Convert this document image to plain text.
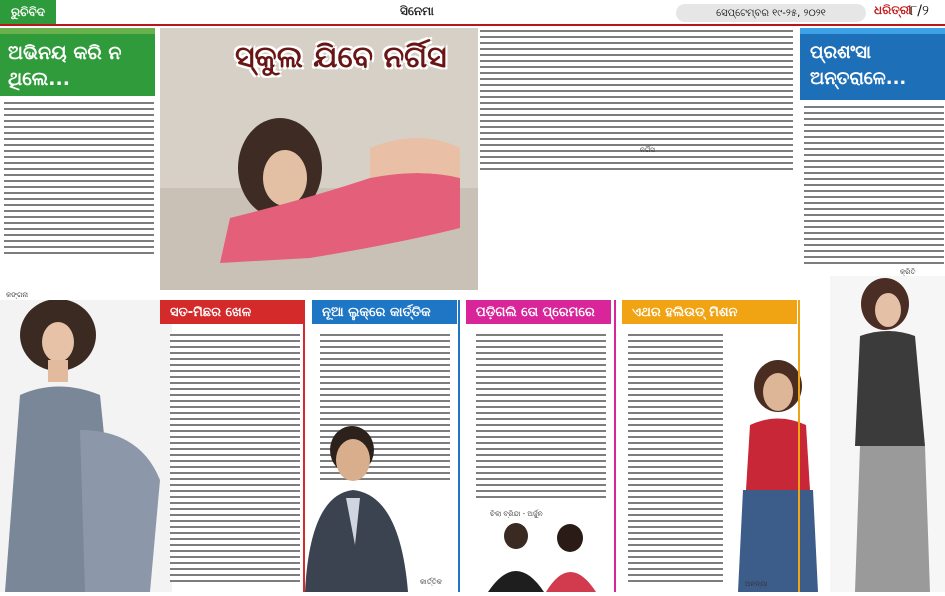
ରୁଚିବିଦ	ସିନେମା	ସେପ୍ଟେମ୍ବର ୧୯-୨୫, ୨୦୨୧	ଧରିତ୍ରୀ
୮/୨
ଅଭିନୟ କରି ନ ଥିଲେ...
କଙ୍ଗନା
ସ୍କୁଲ ଯିବେ ନର୍ଗିସ
ନର୍ଗିସ
ପ୍ରଶଂସା ଅନ୍ତରାଳେ...
କ୍ରିତି
ସତ-ମିଛର ଖେଳ	ନୂଆ ଲୁକ୍‌ରେ କାର୍ତ୍ତିକ
କାର୍ତ୍ତିକ
ପଡ଼ିଗଲି ତୋ ପ୍ରେମରେ
ଚିଲା ବ୍ରିନ୍ଦା - ଅର୍ଜୁନ
ଏଥର ହଲିଉଡ୍‌ ମିଶନ
ଅନନ୍ୟା
